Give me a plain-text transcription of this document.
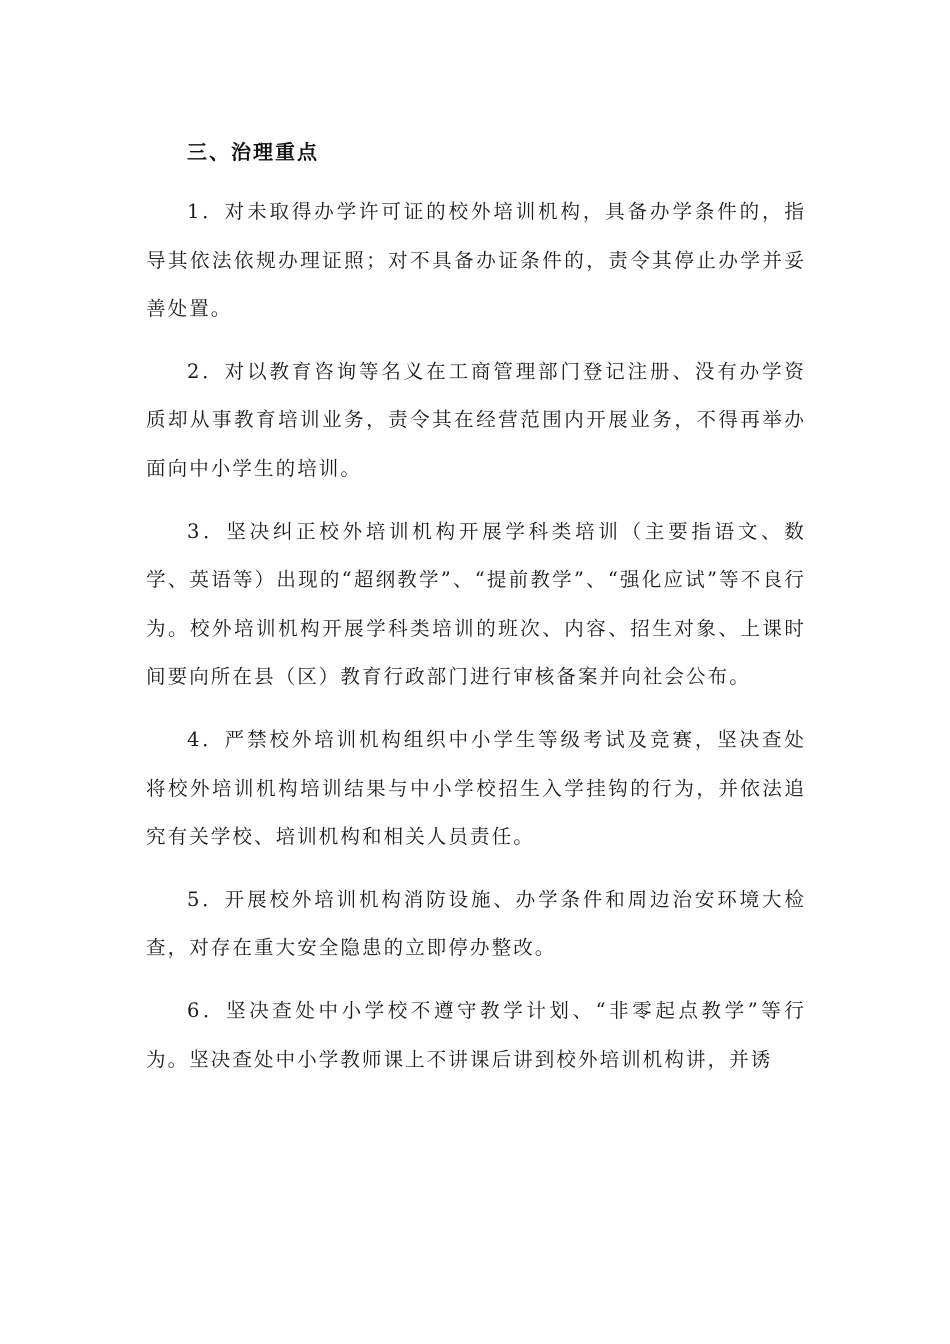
三、治理重点

1．对未取得办学许可证的校外培训机构，具备办学条件的，指导其依法依规办理证照；对不具备办证条件的，责令其停止办学并妥善处置。

2．对以教育咨询等名义在工商管理部门登记注册、没有办学资质却从事教育培训业务，责令其在经营范围内开展业务，不得再举办面向中小学生的培训。

3．坚决纠正校外培训机构开展学科类培训（主要指语文、数学、英语等）出现的“超纲教学”、“提前教学”、“强化应试”等不良行为。校外培训机构开展学科类培训的班次、内容、招生对象、上课时间要向所在县（区）教育行政部门进行审核备案并向社会公布。

4．严禁校外培训机构组织中小学生等级考试及竞赛，坚决查处将校外培训机构培训结果与中小学校招生入学挂钩的行为，并依法追究有关学校、培训机构和相关人员责任。

5．开展校外培训机构消防设施、办学条件和周边治安环境大检查，对存在重大安全隐患的立即停办整改。

6．坚决查处中小学校不遵守教学计划、“非零起点教学”等行为。坚决查处中小学教师课上不讲课后讲到校外培训机构讲，并诱
